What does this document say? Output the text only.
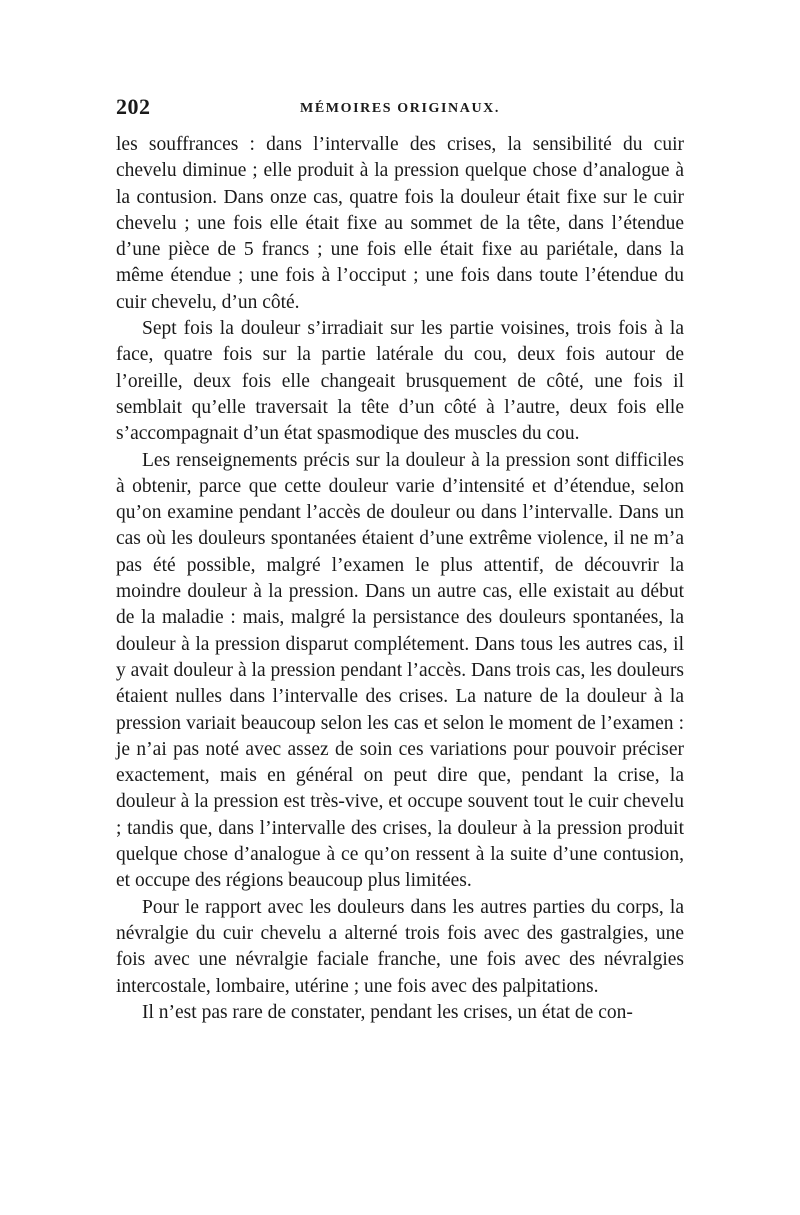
202	MÉMOIRES ORIGINAUX.

les souffrances : dans l’intervalle des crises, la sensibilité du cuir chevelu diminue ; elle produit à la pression quelque chose d’analogue à la contusion. Dans onze cas, quatre fois la douleur était fixe sur le cuir chevelu ; une fois elle était fixe au sommet de la tête, dans l’étendue d’une pièce de 5 francs ; une fois elle était fixe au pariétale, dans la même étendue ; une fois à l’occiput ; une fois dans toute l’étendue du cuir chevelu, d’un côté.

Sept fois la douleur s’irradiait sur les partie voisines, trois fois à la face, quatre fois sur la partie latérale du cou, deux fois autour de l’oreille, deux fois elle changeait brusquement de côté, une fois il semblait qu’elle traversait la tête d’un côté à l’autre, deux fois elle s’accompagnait d’un état spasmodique des muscles du cou.

Les renseignements précis sur la douleur à la pression sont difficiles à obtenir, parce que cette douleur varie d’intensité et d’étendue, selon qu’on examine pendant l’accès de douleur ou dans l’intervalle. Dans un cas où les douleurs spontanées étaient d’une extrême violence, il ne m’a pas été possible, malgré l’examen le plus attentif, de découvrir la moindre douleur à la pression. Dans un autre cas, elle existait au début de la maladie : mais, malgré la persistance des douleurs spontanées, la douleur à la pression disparut complétement. Dans tous les autres cas, il y avait douleur à la pression pendant l’accès. Dans trois cas, les douleurs étaient nulles dans l’intervalle des crises. La nature de la douleur à la pression variait beaucoup selon les cas et selon le moment de l’examen : je n’ai pas noté avec assez de soin ces variations pour pouvoir préciser exactement, mais en général on peut dire que, pendant la crise, la douleur à la pression est très-vive, et occupe souvent tout le cuir chevelu ; tandis que, dans l’intervalle des crises, la douleur à la pression produit quelque chose d’analogue à ce qu’on ressent à la suite d’une contusion, et occupe des régions beaucoup plus limitées.

Pour le rapport avec les douleurs dans les autres parties du corps, la névralgie du cuir chevelu a alterné trois fois avec des gastralgies, une fois avec une névralgie faciale franche, une fois avec des névralgies intercostale, lombaire, utérine ; une fois avec des palpitations.

Il n’est pas rare de constater, pendant les crises, un état de con-
